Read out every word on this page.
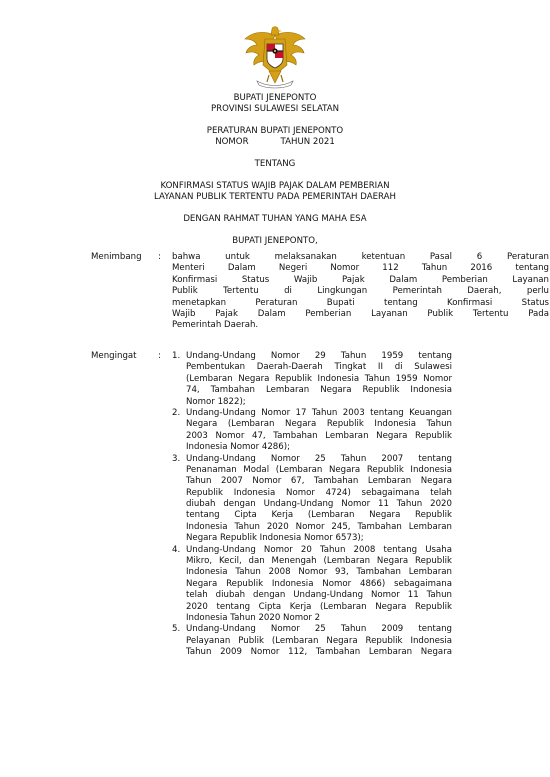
BUPATI JENEPONTO
PROVINSI SULAWESI SELATAN
PERATURAN BUPATI JENEPONTO
NOMOR	TAHUN 2021
TENTANG
KONFIRMASI STATUS WAJIB PAJAK DALAM PEMBERIAN
LAYANAN PUBLIK TERTENTU PADA PEMERINTAH DAERAH
DENGAN RAHMAT TUHAN YANG MAHA ESA
BUPATI JENEPONTO,
Menimbang	: bahwa untuk melaksanakan ketentuan Pasal 6 Peraturan
Menteri Dalam Negeri Nomor 112 Tahun 2016 tentang
Konfirmasi Status Wajib Pajak Dalam Pemberian Layanan
Publik Tertentu di Lingkungan Pemerintah Daerah, perlu
menetapkan Peraturan Bupati tentang Konfirmasi Status
Wajib Pajak Dalam Pemberian Layanan Publik Tertentu Pada
Pemerintah Daerah.
Mengingat	: 1. Undang-Undang Nomor 29 Tahun 1959 tentang
Pembentukan Daerah-Daerah Tingkat II di Sulawesi
(Lembaran Negara Republik Indonesia Tahun 1959 Nomor
74, Tambahan Lembaran Negara Republik Indonesia
Nomor 1822);
2. Undang-Undang Nomor 17 Tahun 2003 tentang Keuangan
Negara (Lembaran Negara Republik Indonesia Tahun
2003 Nomor 47, Tambahan Lembaran Negara Republik
Indonesia Nomor 4286);
3. Undang-Undang Nomor 25 Tahun 2007 tentang
Penanaman Modal (Lembaran Negara Republik Indonesia
Tahun 2007 Nomor 67, Tambahan Lembaran Negara
Republik Indonesia Nomor 4724) sebagaimana telah
diubah dengan Undang-Undang Nomor 11 Tahun 2020
tentang Cipta Kerja (Lembaran Negara Republik
Indonesia Tahun 2020 Nomor 245, Tambahan Lembaran
Negara Republik Indonesia Nomor 6573);
4. Undang-Undang Nomor 20 Tahun 2008 tentang Usaha
Mikro, Kecil, dan Menengah (Lembaran Negara Republik
Indonesia Tahun 2008 Nomor 93, Tambahan Lembaran
Negara Republik Indonesia Nomor 4866) sebagaimana
telah diubah dengan Undang-Undang Nomor 11 Tahun
2020 tentang Cipta Kerja (Lembaran Negara Republik
Indonesia Tahun 2020 Nomor 2
5. Undang-Undang Nomor 25 Tahun 2009 tentang
Pelayanan Publik (Lembaran Negara Republik Indonesia
Tahun 2009 Nomor 112, Tambahan Lembaran Negara
